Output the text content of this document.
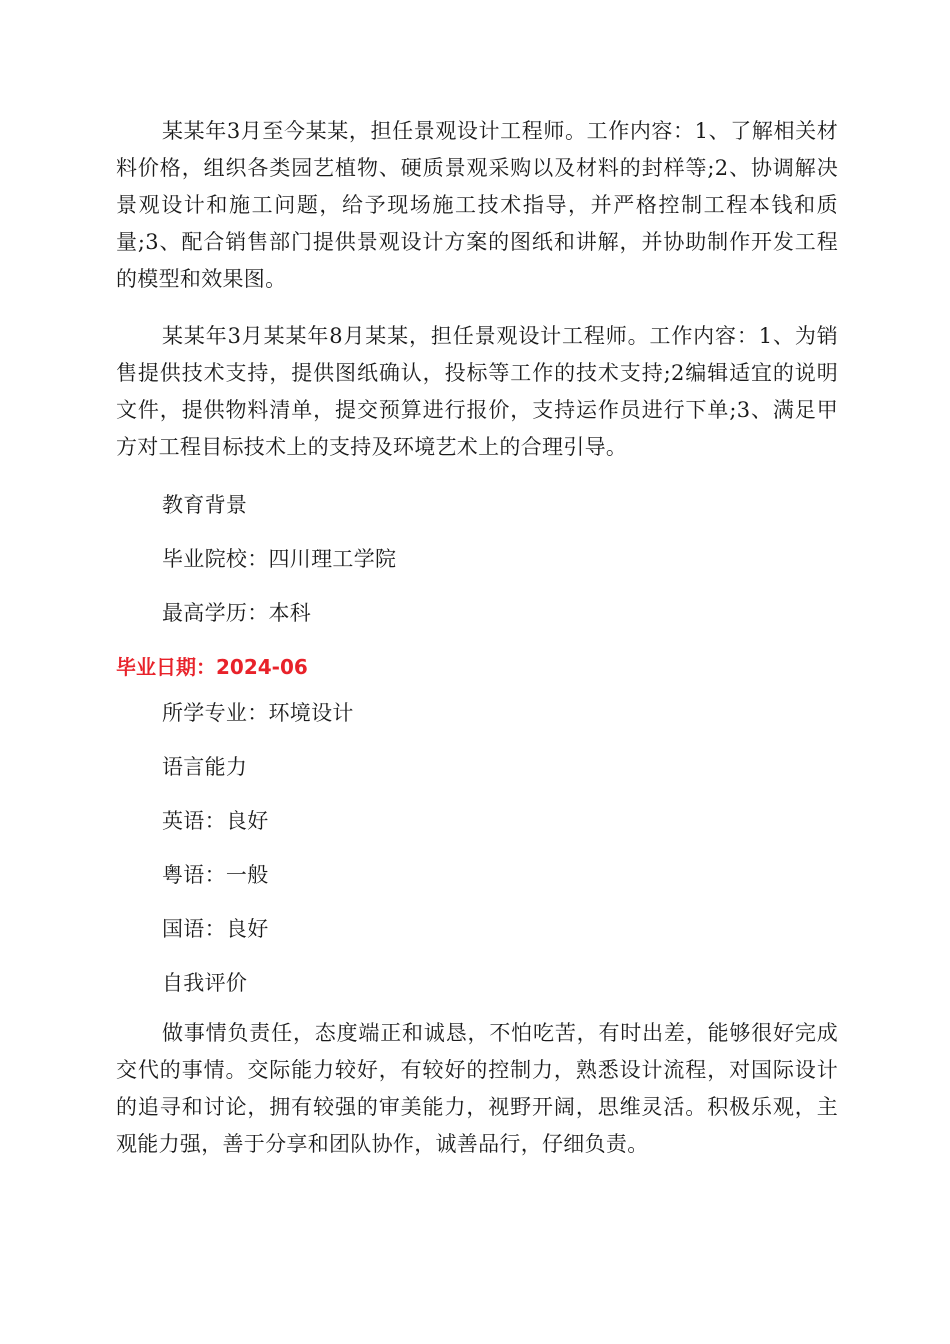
某某年3月至今某某，担任景观设计工程师。工作内容：1、了解相关材料价格，组织各类园艺植物、硬质景观采购以及材料的封样等;2、协调解决景观设计和施工问题，给予现场施工技术指导，并严格控制工程本钱和质量;3、配合销售部门提供景观设计方案的图纸和讲解，并协助制作开发工程的模型和效果图。

某某年3月某某年8月某某，担任景观设计工程师。工作内容：1、为销售提供技术支持，提供图纸确认，投标等工作的技术支持;2编辑适宜的说明文件，提供物料清单，提交预算进行报价，支持运作员进行下单;3、满足甲方对工程目标技术上的支持及环境艺术上的合理引导。

教育背景

毕业院校：四川理工学院

最高学历：本科

毕业日期：2024-06

所学专业：环境设计

语言能力

英语：良好

粤语：一般

国语：良好

自我评价

做事情负责任，态度端正和诚恳，不怕吃苦，有时出差，能够很好完成交代的事情。交际能力较好，有较好的控制力，熟悉设计流程，对国际设计的追寻和讨论，拥有较强的审美能力，视野开阔，思维灵活。积极乐观，主观能力强，善于分享和团队协作，诚善品行，仔细负责。
